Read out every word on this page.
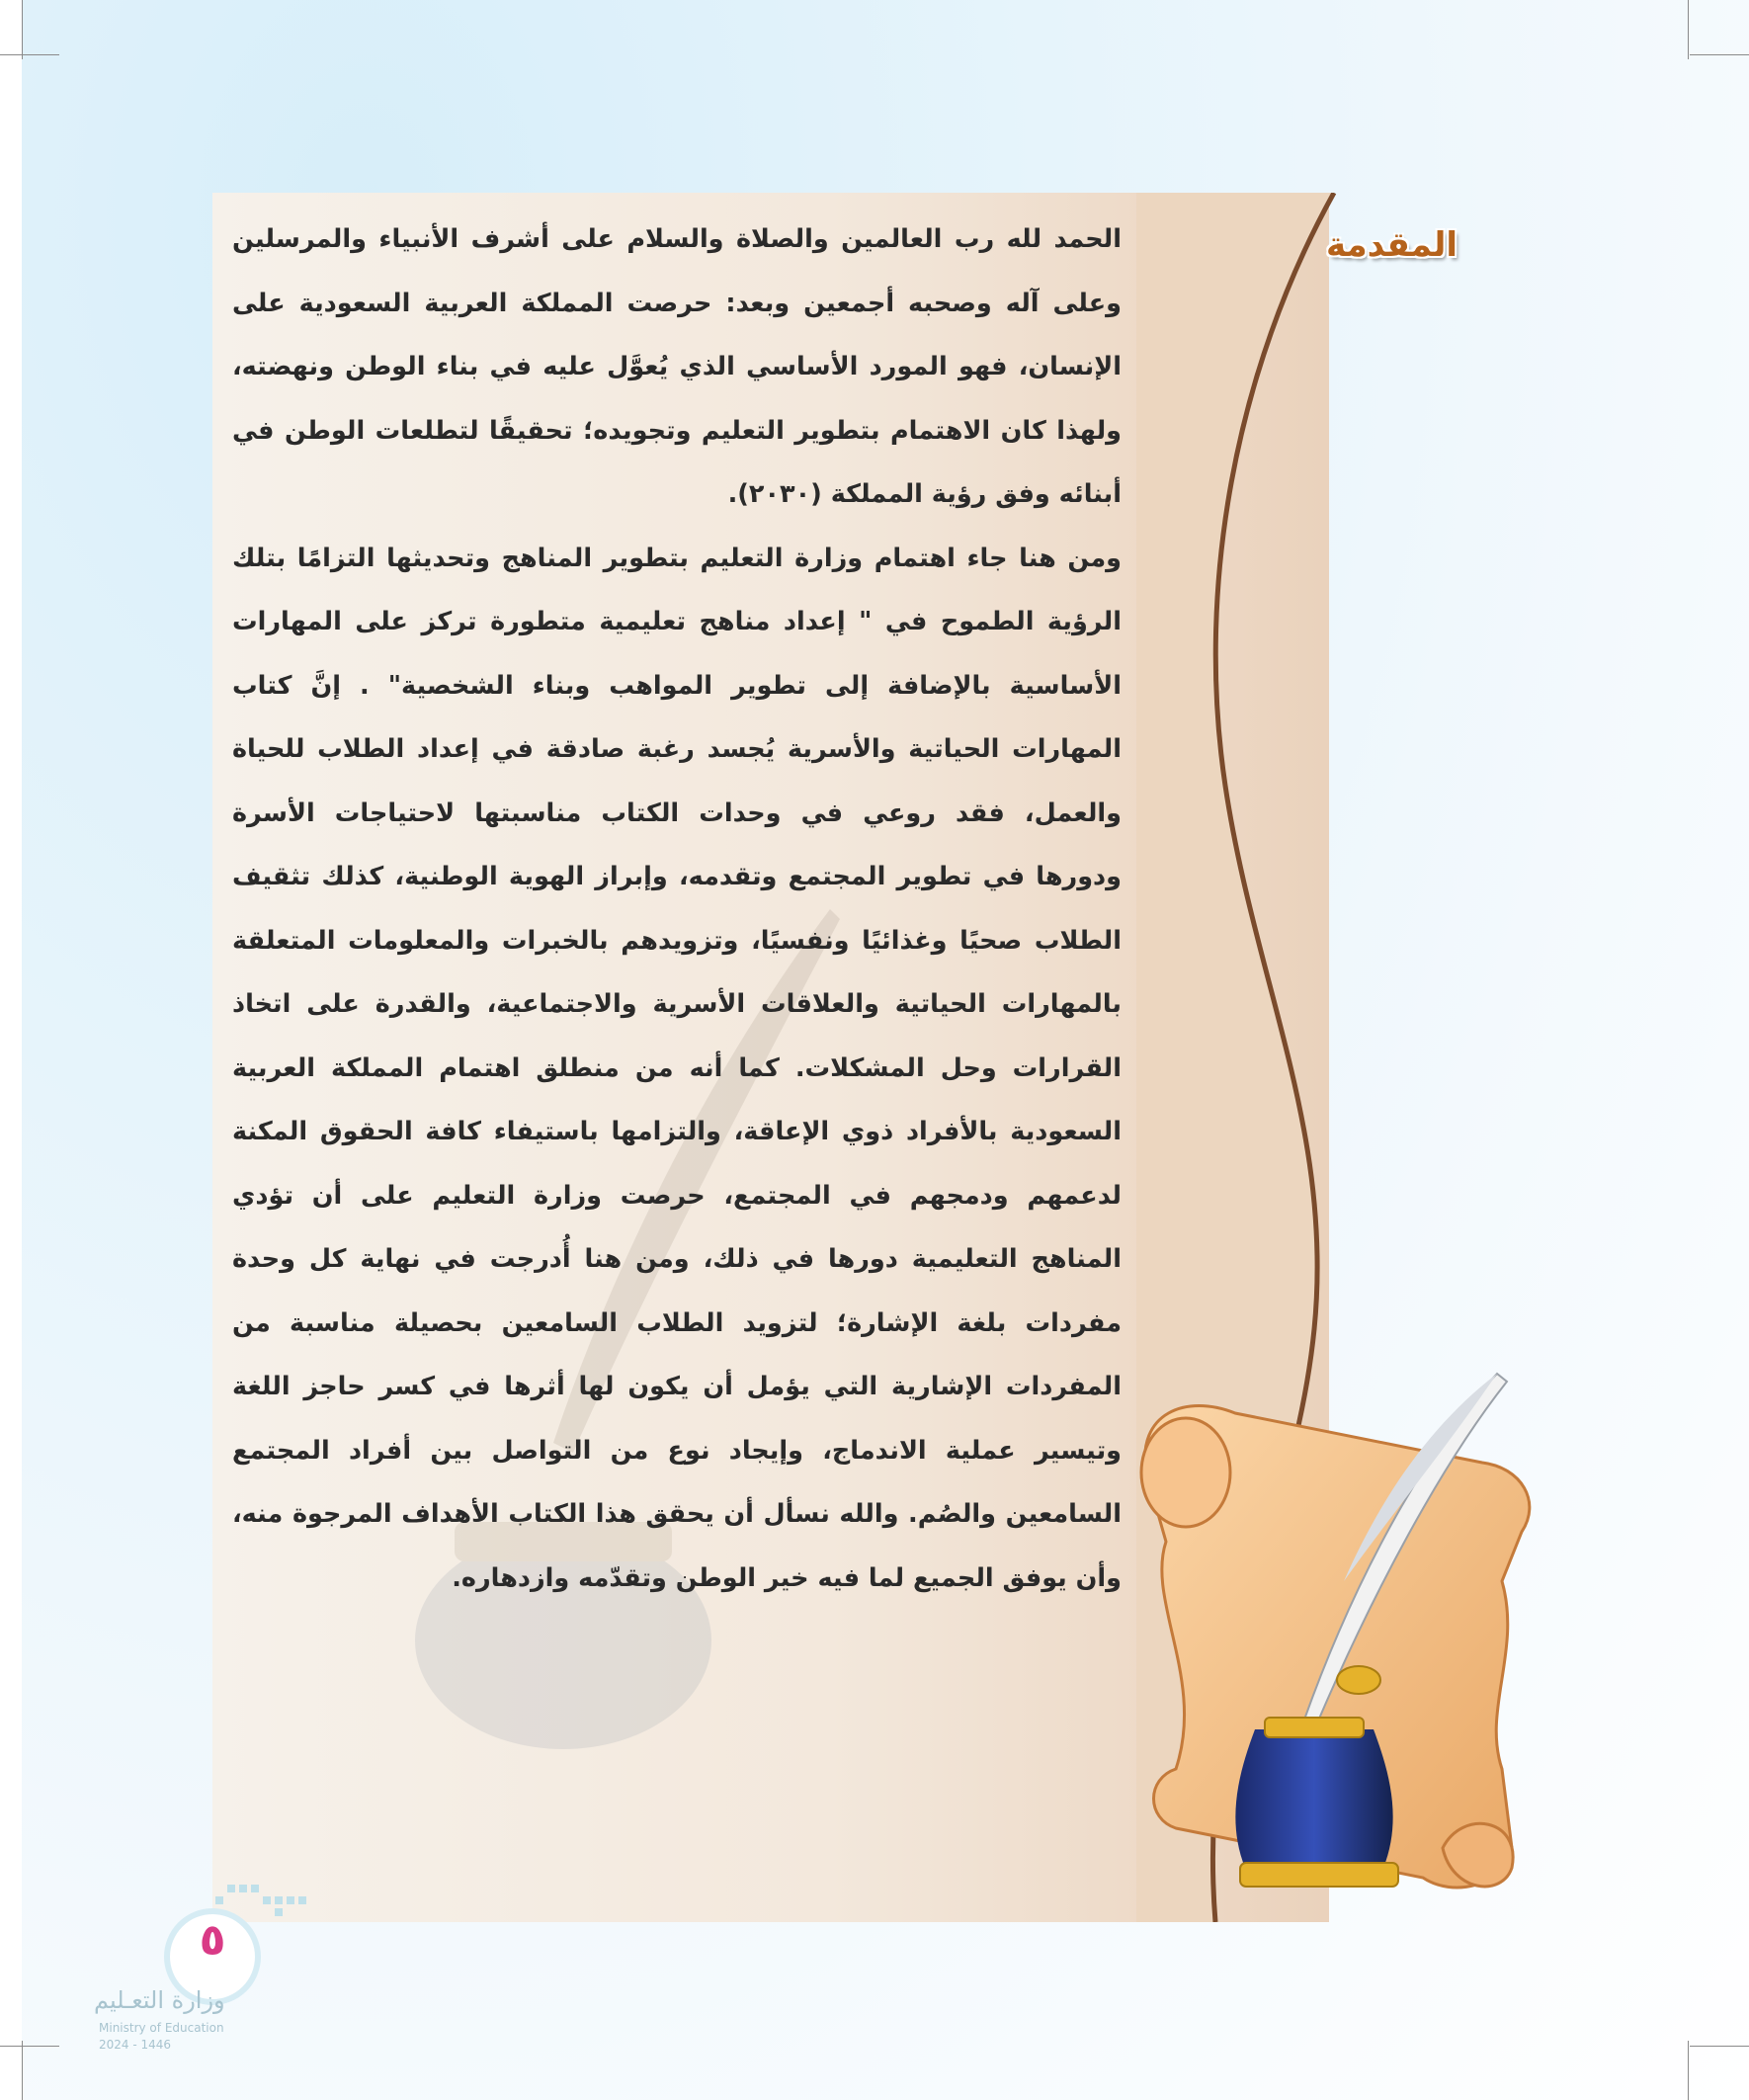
المقدمة

الحمد لله رب العالمين والصلاة والسلام على أشرف الأنبياء والمرسلين وعلى آله وصحبه أجمعين وبعد: حرصت المملكة العربية السعودية على الإنسان، فهو المورد الأساسي الذي يُعوَّل عليه في بناء الوطن ونهضته، ولهذا كان الاهتمام بتطوير التعليم وتجويده؛ تحقيقًا لتطلعات الوطن في أبنائه وفق رؤية المملكة (٢٠٣٠).

ومن هنا جاء اهتمام وزارة التعليم بتطوير المناهج وتحديثها التزامًا بتلك الرؤية الطموح في " إعداد مناهج تعليمية متطورة تركز على المهارات الأساسية بالإضافة إلى تطوير المواهب وبناء الشخصية" . إنَّ كتاب المهارات الحياتية والأسرية يُجسد رغبة صادقة في إعداد الطلاب للحياة والعمل، فقد روعي في وحدات الكتاب مناسبتها لاحتياجات الأسرة ودورها في تطوير المجتمع وتقدمه، وإبراز الهوية الوطنية، كذلك تثقيف الطلاب صحيًا وغذائيًا ونفسيًا، وتزويدهم بالخبرات والمعلومات المتعلقة بالمهارات الحياتية والعلاقات الأسرية والاجتماعية، والقدرة على اتخاذ القرارات وحل المشكلات. كما أنه من منطلق اهتمام المملكة العربية السعودية بالأفراد ذوي الإعاقة، والتزامها باستيفاء كافة الحقوق المكنة لدعمهم ودمجهم في المجتمع، حرصت وزارة التعليم على أن تؤدي المناهج التعليمية دورها في ذلك، ومن هنا أُدرجت في نهاية كل وحدة مفردات بلغة الإشارة؛ لتزويد الطلاب السامعين بحصيلة مناسبة من المفردات الإشارية التي يؤمل أن يكون لها أثرها في كسر حاجز اللغة وتيسير عملية الاندماج، وإيجاد نوع من التواصل بين أفراد المجتمع السامعين والصُم. والله نسأل أن يحقق هذا الكتاب الأهداف المرجوة منه، وأن يوفق الجميع لما فيه خير الوطن وتقدّمه وازدهاره.

٥
وزارة التعـليم
Ministry of Education
2024 - 1446
